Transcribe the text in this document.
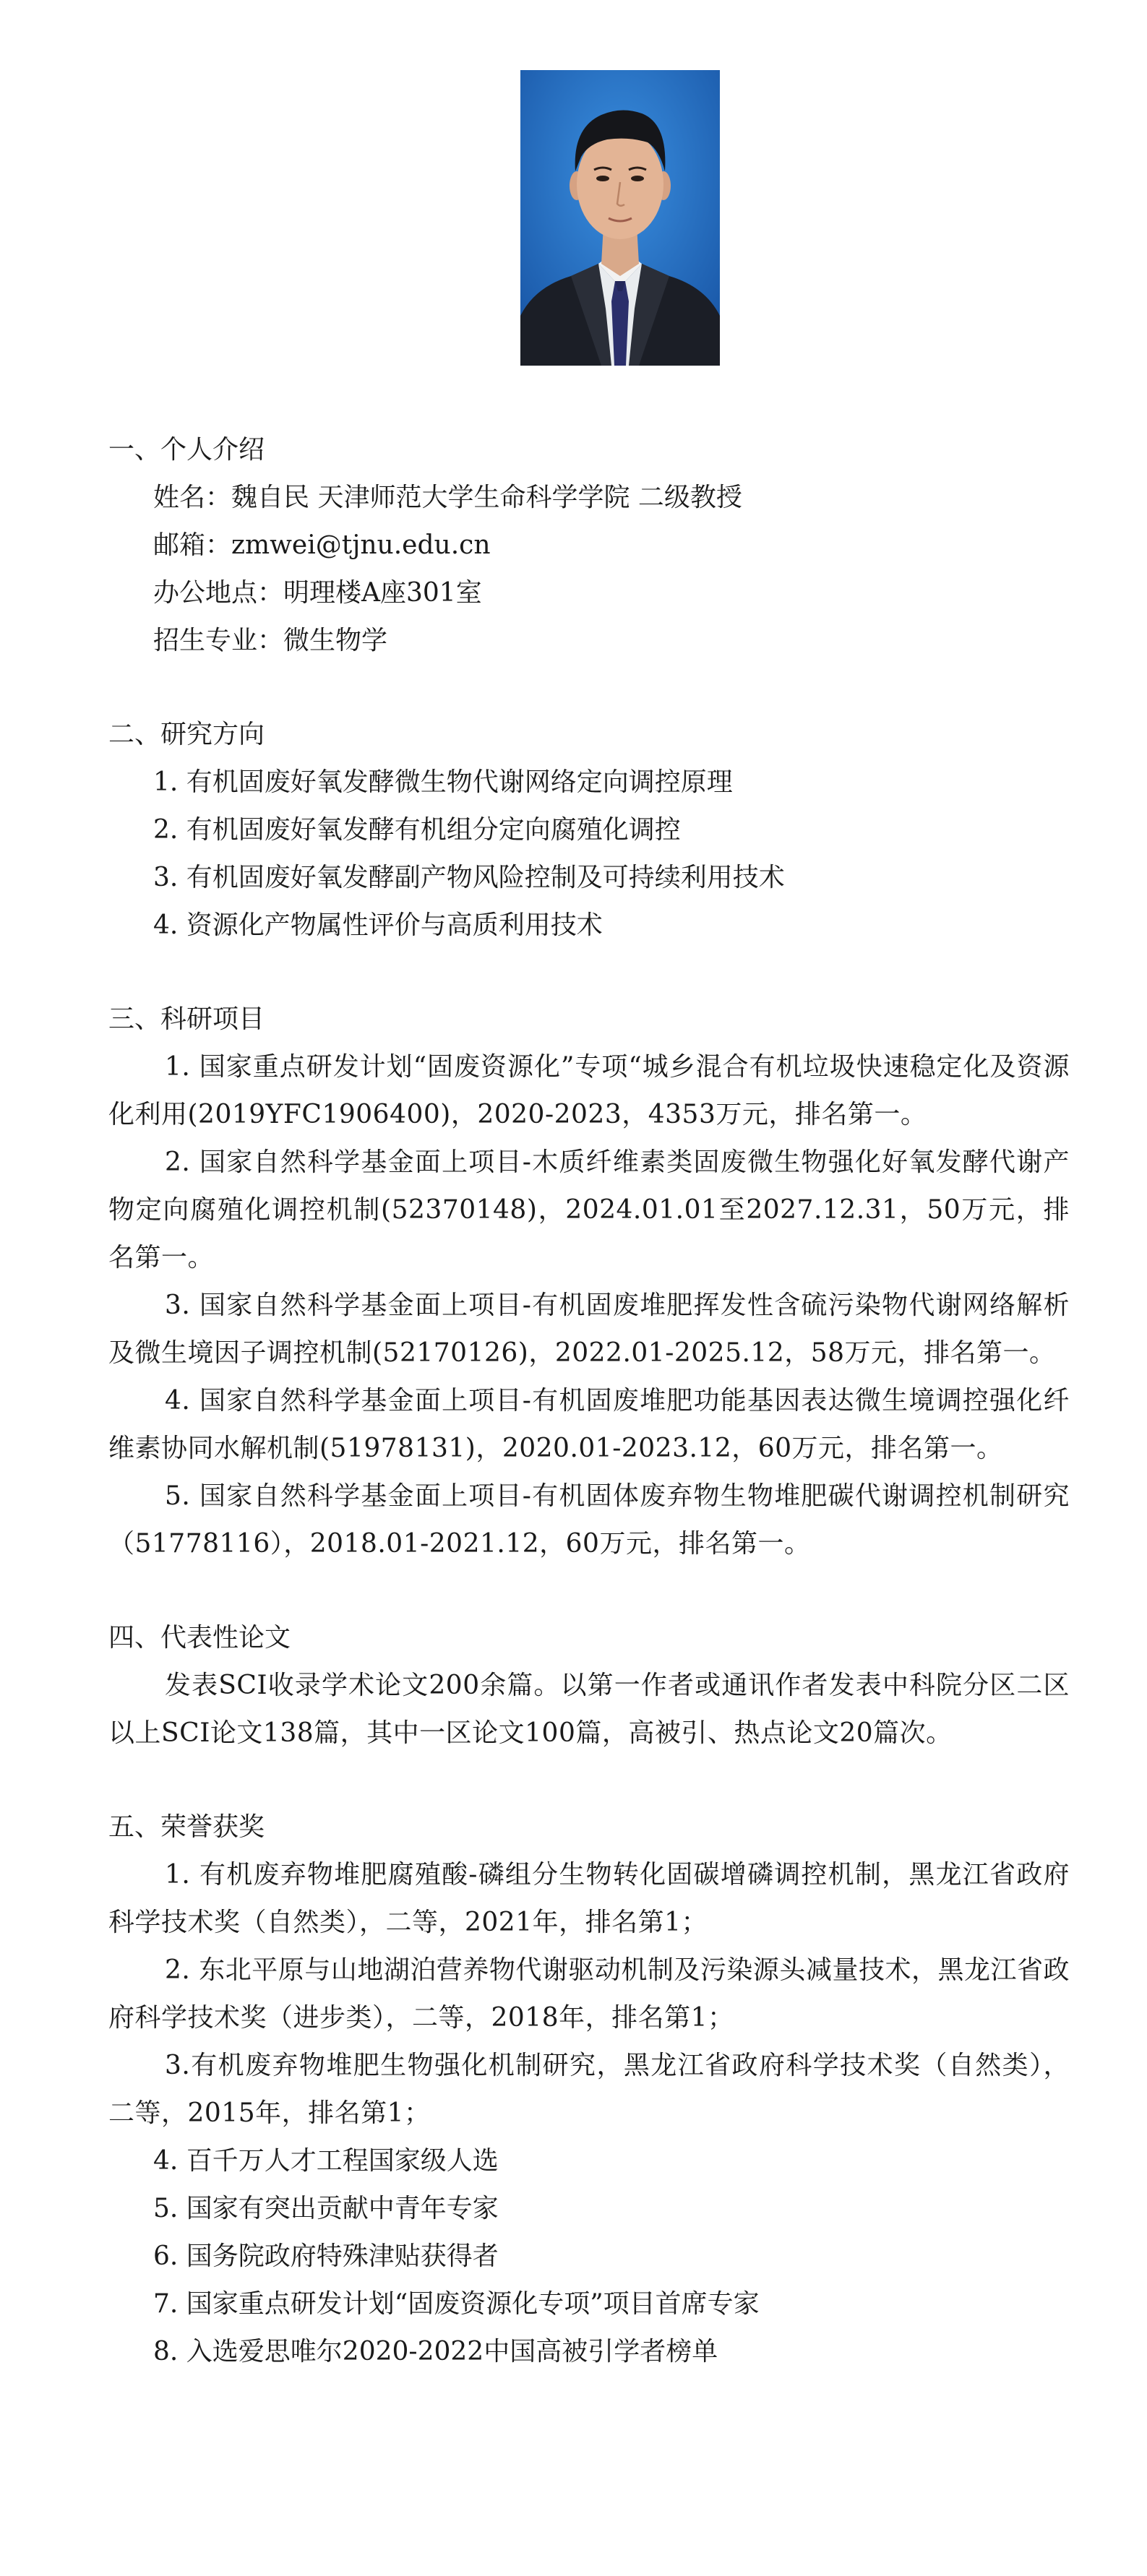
一、个人介绍
姓名：魏自民 天津师范大学生命科学学院 二级教授
邮箱：zmwei@tjnu.edu.cn
办公地点：明理楼A座301室
招生专业：微生物学
二、研究方向
1. 有机固废好氧发酵微生物代谢网络定向调控原理
2. 有机固废好氧发酵有机组分定向腐殖化调控
3. 有机固废好氧发酵副产物风险控制及可持续利用技术
4. 资源化产物属性评价与高质利用技术
三、科研项目
1. 国家重点研发计划“固废资源化”专项“城乡混合有机垃圾快速稳定化及资源化利用(2019YFC1906400)，2020-2023，4353万元，排名第一。
2. 国家自然科学基金面上项目-木质纤维素类固废微生物强化好氧发酵代谢产物定向腐殖化调控机制(52370148)，2024.01.01至2027.12.31，50万元，排名第一。
3. 国家自然科学基金面上项目-有机固废堆肥挥发性含硫污染物代谢网络解析及微生境因子调控机制(52170126)，2022.01-2025.12，58万元，排名第一。
4. 国家自然科学基金面上项目-有机固废堆肥功能基因表达微生境调控强化纤维素协同水解机制(51978131)，2020.01-2023.12，60万元，排名第一。
5. 国家自然科学基金面上项目-有机固体废弃物生物堆肥碳代谢调控机制研究（51778116），2018.01-2021.12，60万元，排名第一。
四、代表性论文
发表SCI收录学术论文200余篇。以第一作者或通讯作者发表中科院分区二区以上SCI论文138篇，其中一区论文100篇，高被引、热点论文20篇次。
五、荣誉获奖
1. 有机废弃物堆肥腐殖酸-磷组分生物转化固碳增磷调控机制，黑龙江省政府科学技术奖（自然类），二等，2021年，排名第1；
2. 东北平原与山地湖泊营养物代谢驱动机制及污染源头减量技术，黑龙江省政府科学技术奖（进步类），二等，2018年，排名第1；
3.有机废弃物堆肥生物强化机制研究，黑龙江省政府科学技术奖（自然类），二等，2015年，排名第1；
4. 百千万人才工程国家级人选
5. 国家有突出贡献中青年专家
6. 国务院政府特殊津贴获得者
7. 国家重点研发计划“固废资源化专项”项目首席专家
8. 入选爱思唯尔2020-2022中国高被引学者榜单
